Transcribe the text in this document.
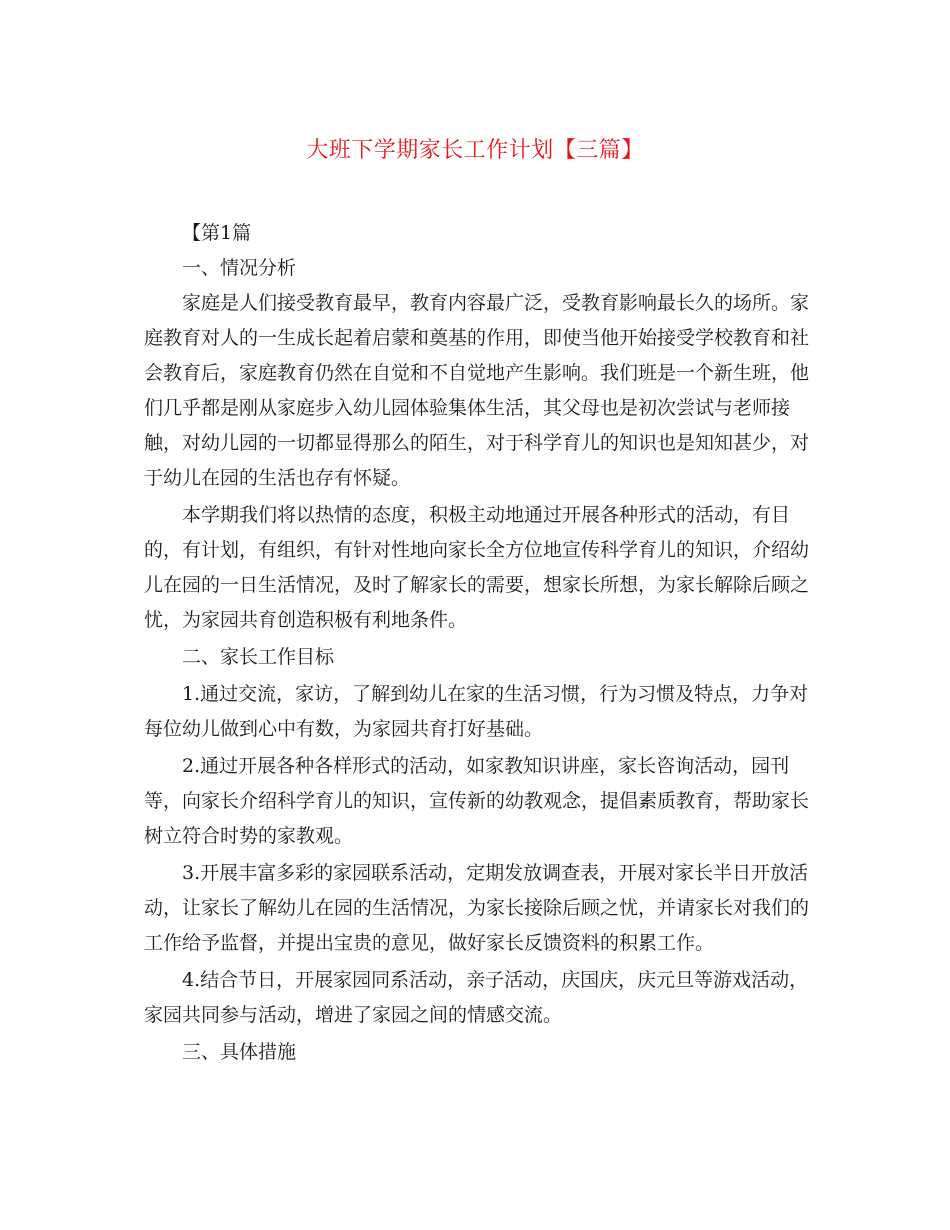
大班下学期家长工作计划【三篇】
【第1篇
一、情况分析
家庭是人们接受教育最早，教育内容最广泛，受教育影响最长久的场所。家
庭教育对人的一生成长起着启蒙和奠基的作用，即使当他开始接受学校教育和社
会教育后，家庭教育仍然在自觉和不自觉地产生影响。我们班是一个新生班，他
们几乎都是刚从家庭步入幼儿园体验集体生活，其父母也是初次尝试与老师接
触，对幼儿园的一切都显得那么的陌生，对于科学育儿的知识也是知知甚少，对
于幼儿在园的生活也存有怀疑。
本学期我们将以热情的态度，积极主动地通过开展各种形式的活动，有目
的，有计划，有组织，有针对性地向家长全方位地宣传科学育儿的知识，介绍幼
儿在园的一日生活情况，及时了解家长的需要，想家长所想，为家长解除后顾之
忧，为家园共育创造积极有利地条件。
二、家长工作目标
1.通过交流，家访，了解到幼儿在家的生活习惯，行为习惯及特点，力争对
每位幼儿做到心中有数，为家园共育打好基础。
2.通过开展各种各样形式的活动，如家教知识讲座，家长咨询活动，园刊
等，向家长介绍科学育儿的知识，宣传新的幼教观念，提倡素质教育，帮助家长
树立符合时势的家教观。
3.开展丰富多彩的家园联系活动，定期发放调查表，开展对家长半日开放活
动，让家长了解幼儿在园的生活情况，为家长接除后顾之忧，并请家长对我们的
工作给予监督，并提出宝贵的意见，做好家长反馈资料的积累工作。
4.结合节日，开展家园同系活动，亲子活动，庆国庆，庆元旦等游戏活动，
家园共同参与活动，增进了家园之间的情感交流。
三、具体措施
